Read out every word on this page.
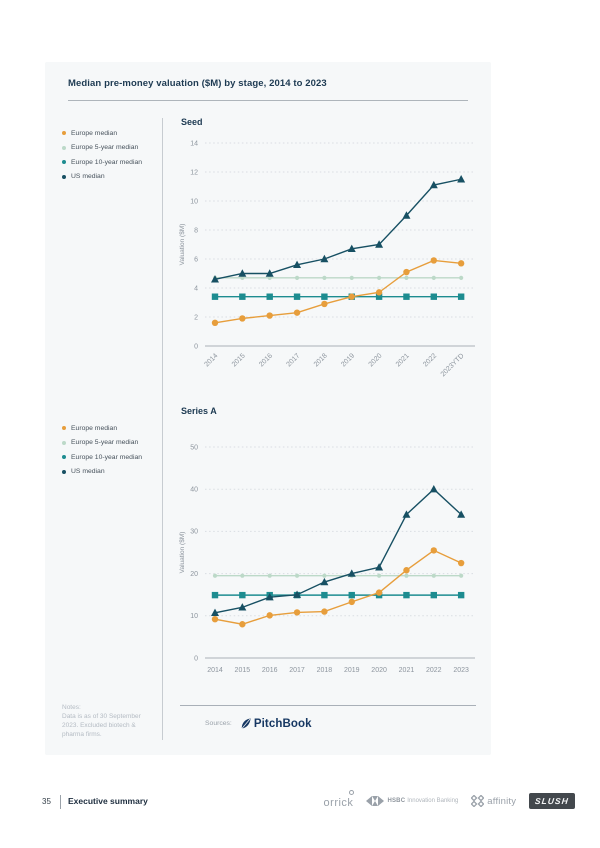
Median pre-money valuation ($M) by stage, 2014 to 2023
Europe median
Europe 5-year median
Europe 10-year median
US median
Europe median
Europe 5-year median
Europe 10-year median
US median
Seed
0
2
4
6
8
10
12
14
Valuation ($M)
2014 2015 2016 2017 2018 2019 2020 2021 2022 2023YTD
Series A
0
10
20
30
40
50
Valuation ($M)
2014 2015 2016 2017 2018 2019 2020 2021 2022 2023
Notes:
Data is as of 30 September
2023. Excluded biotech &
pharma firms.
Sources: PitchBook
35 Executive summary	orrick	HSBC Innovation Banking	affinity SLUSH
